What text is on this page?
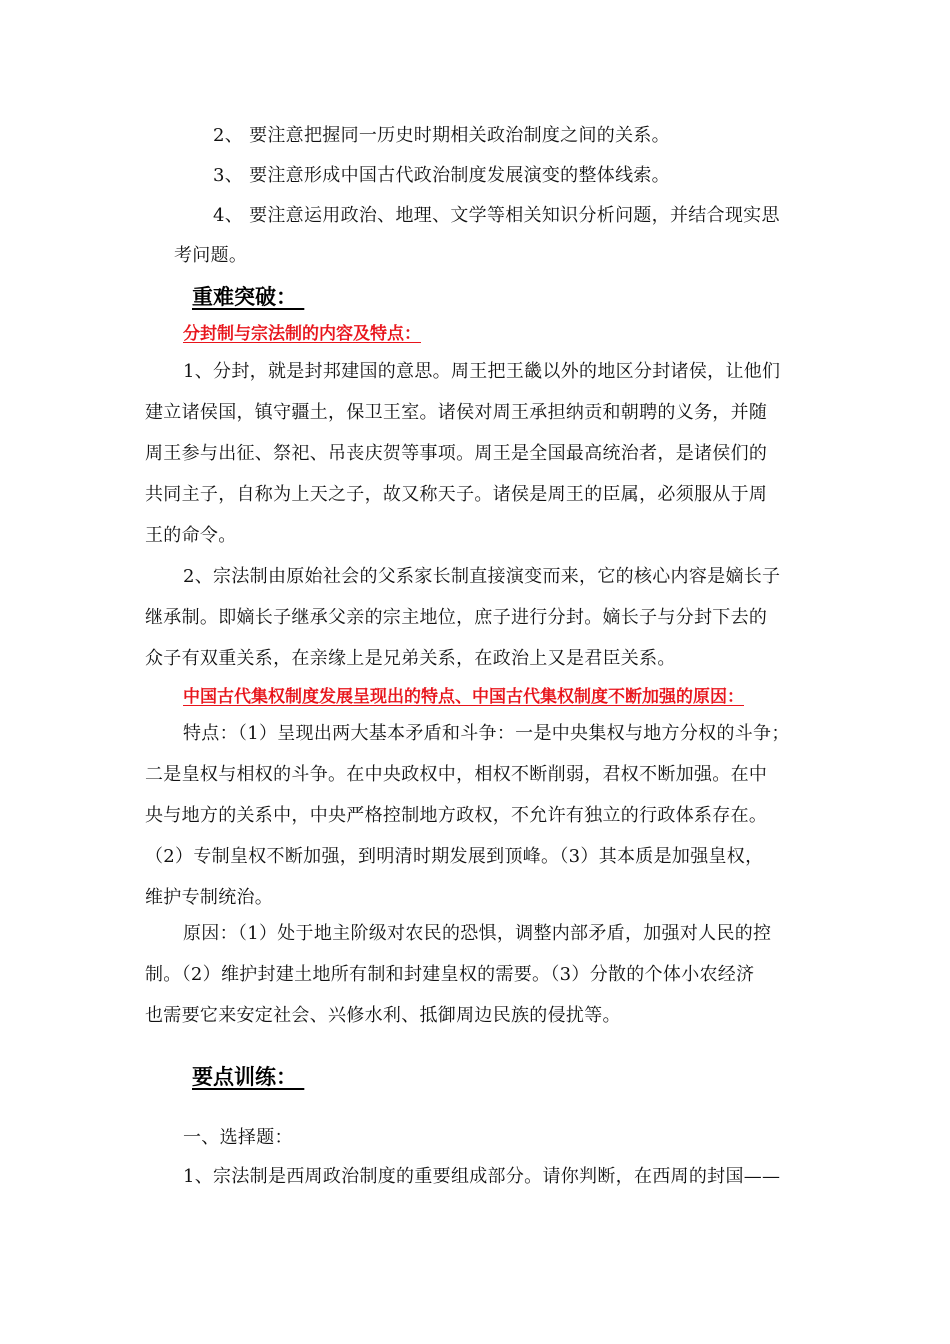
2、 要注意把握同一历史时期相关政治制度之间的关系。
3、 要注意形成中国古代政治制度发展演变的整体线索。
4、 要注意运用政治、地理、文学等相关知识分析问题，并结合现实思
考问题。
重难突破：
分封制与宗法制的内容及特点：
1、分封，就是封邦建国的意思。周王把王畿以外的地区分封诸侯，让他们
建立诸侯国，镇守疆土，保卫王室。诸侯对周王承担纳贡和朝聘的义务，并随
周王参与出征、祭祀、吊丧庆贺等事项。周王是全国最高统治者，是诸侯们的
共同主子，自称为上天之子，故又称天子。诸侯是周王的臣属，必须服从于周
王的命令。
2、宗法制由原始社会的父系家长制直接演变而来，它的核心内容是嫡长子
继承制。即嫡长子继承父亲的宗主地位，庶子进行分封。嫡长子与分封下去的
众子有双重关系，在亲缘上是兄弟关系，在政治上又是君臣关系。
中国古代集权制度发展呈现出的特点、中国古代集权制度不断加强的原因：
特点：（1）呈现出两大基本矛盾和斗争：一是中央集权与地方分权的斗争；
二是皇权与相权的斗争。在中央政权中，相权不断削弱，君权不断加强。在中
央与地方的关系中，中央严格控制地方政权，不允许有独立的行政体系存在。
（2）专制皇权不断加强，到明清时期发展到顶峰。（3）其本质是加强皇权，
维护专制统治。
原因：（1）处于地主阶级对农民的恐惧，调整内部矛盾，加强对人民的控
制。（2）维护封建土地所有制和封建皇权的需要。（3）分散的个体小农经济
也需要它来安定社会、兴修水利、抵御周边民族的侵扰等。
要点训练：
一、选择题：
1、宗法制是西周政治制度的重要组成部分。请你判断，在西周的封国——
